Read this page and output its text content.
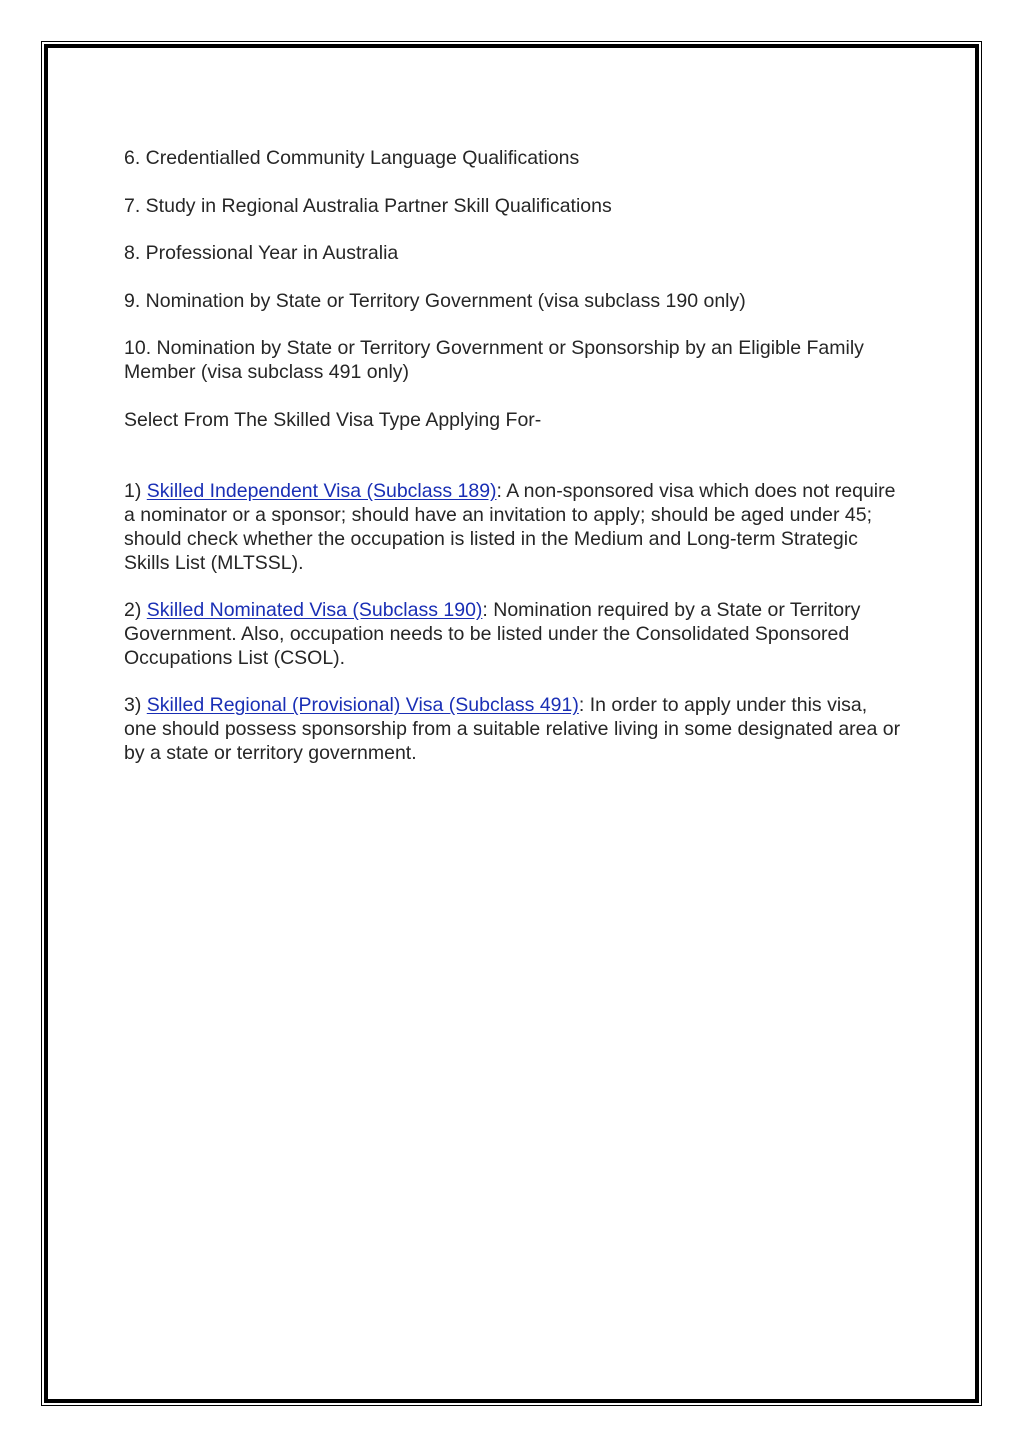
6. Credentialled Community Language Qualifications

7. Study in Regional Australia Partner Skill Qualifications

8. Professional Year in Australia

9. Nomination by State or Territory Government (visa subclass 190 only)

10. Nomination by State or Territory Government or Sponsorship by an Eligible Family Member (visa subclass 491 only)

Select From The Skilled Visa Type Applying For-

1) Skilled Independent Visa (Subclass 189): A non-sponsored visa which does not require a nominator or a sponsor; should have an invitation to apply; should be aged under 45; should check whether the occupation is listed in the Medium and Long-term Strategic Skills List (MLTSSL).

2) Skilled Nominated Visa (Subclass 190): Nomination required by a State or Territory Government. Also, occupation needs to be listed under the Consolidated Sponsored Occupations List (CSOL).

3) Skilled Regional (Provisional) Visa (Subclass 491): In order to apply under this visa, one should possess sponsorship from a suitable relative living in some designated area or by a state or territory government.
